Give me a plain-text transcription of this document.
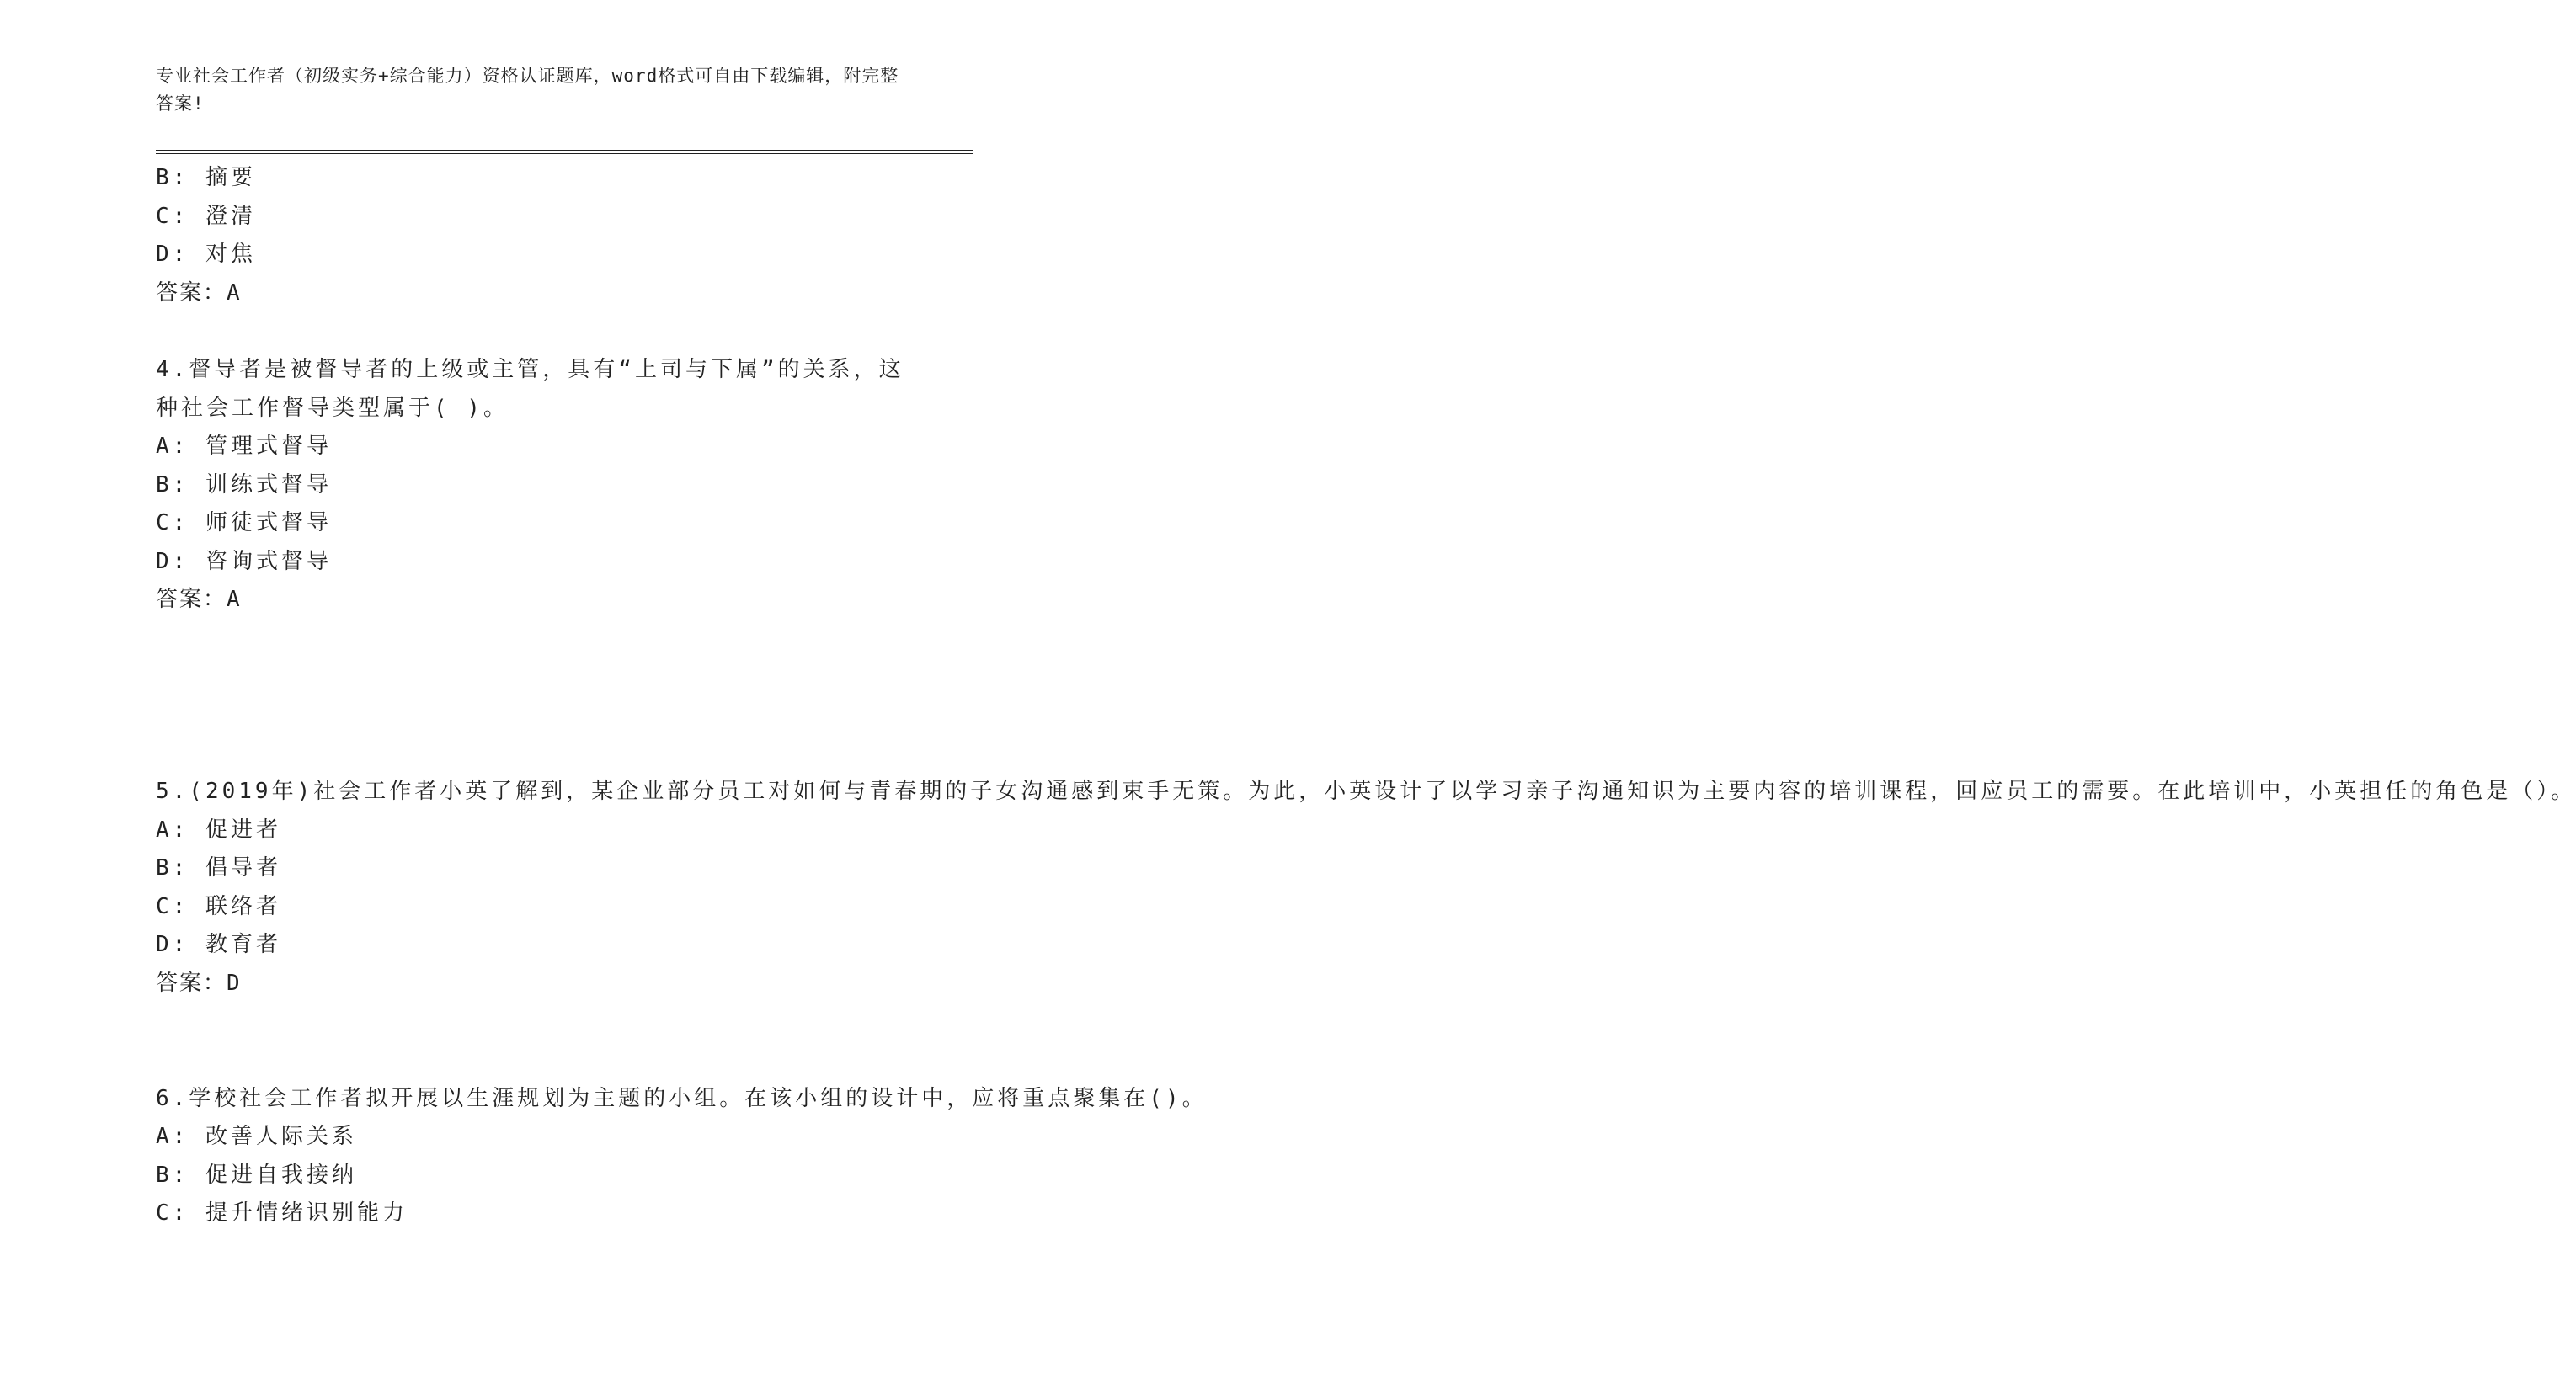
专业社会工作者（初级实务+综合能力）资格认证题库，word格式可自由下载编辑，附完整答案!
B: 摘要
C: 澄清
D: 对焦
答案：A
4.督导者是被督导者的上级或主管，具有“上司与下属”的关系，这
种社会工作督导类型属于( )。
A: 管理式督导
B: 训练式督导
C: 师徒式督导
D: 咨询式督导
答案：A
5.(2019年)社会工作者小英了解到，某企业部分员工对如何与青春期的子女沟通感到束手无策。为此，小英设计了以学习亲子沟通知识为主要内容的培训课程，回应员工的需要。在此培训中，小英担任的角色是（）。
A: 促进者
B: 倡导者
C: 联络者
D: 教育者
答案：D
6.学校社会工作者拟开展以生涯规划为主题的小组。在该小组的设计中，应将重点聚集在()。
A: 改善人际关系
B: 促进自我接纳
C: 提升情绪识别能力
